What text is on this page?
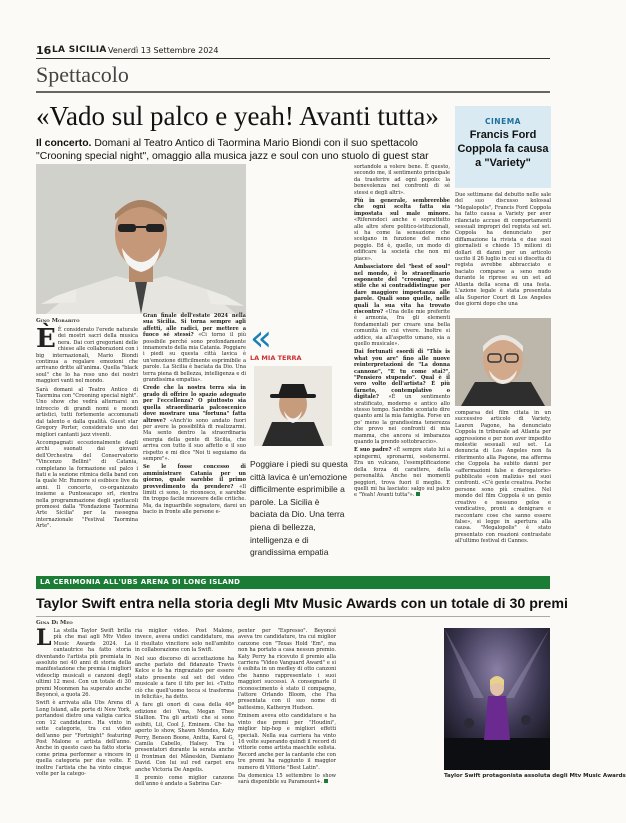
16 LA SICILIA Venerdì 13 Settembre 2024
Spettacolo
«Vado sul palco e yeah! Avanti tutta»
Il concerto. Domani al Teatro Antico di Taormina Mario Biondi con il suo spettacolo "Crooning special night", omaggio alla musica jazz e soul con uno stuolo di guest star
Gino Morabito

È È considerato l'erede naturale dei mostri sacri della musica nera. Dai cori gregoriani delle chiese alle collaborazioni con i big internazionali, Mario Biondi continua a regalare emozioni che arrivano dritte all'anima. Quella "black soul" che lo ha reso uno dei nostri maggiori vanti nel mondo.

Sarà domani al Teatro Antico di Taormina con "Crooning special night". Uno show che vedrà alternarsi un intreccio di grandi nomi e mondi artistici, tutti fortemente accomunati dal talento e dalla qualità. Guest star Gregory Porter, considerato uno dei migliori cantanti jazz viventi.

Accompagnati eccezionalmente dagli archi suonati dai giovani dell'Orchestra del Conservatorio "Vincenzo Bellini" di Catania, completano la formazione sul palco i fiati e la sezione ritmica della band con la quale Mr. Rumore si esibisce live da anni. Il concerto, co-organizzato insieme a Puntoeacapo srl, rientra nella programmazione degli spettacoli promossi dalla "Fondazione Taormina Arte Sicilia" per la rassegna internazionale "Festival Taormina Arte".

Gran finale dell'estate 2024 nella sua Sicilia. Si torna sempre agli affetti, alle radici, per mettere a fuoco sé stessi? «Ci torno il più possibile perché sono profondamente innamorato della mia Catania. Poggiare i piedi su questa città lavica è un'emozione difficilmente esprimibile a parole. La Sicilia è baciata da Dio. Una terra piena di bellezza, intelligenza e di grandissima empatia».

Crede che la nostra terra sia in grado di offrire lo spazio adeguato per l'eccellenza? O piuttosto sia quella straordinaria palcoscenico dove mostrare una "fortuna" fatta altrove? «Anch'io sono andato fuori per avere la possibilità di realizzarmi. Ma sento dentro la straordinaria energia della gente di Sicilia, che arriva con tutto il suo affetto e il suo rispetto e mi dice "Noi ti seguiamo da sempre"».

Se le fosse concesso di amministrare Catania per un giorno, quale sarebbe il primo provvedimento da prendere? «Il limiti ci sono, lo riconosco, e sarebbe fin troppo facile muovere delle critiche. Ma, da inguaribile sognatore, darei un bacio in fronte alle persone e-

«
LA MIA TERRA
Poggiare i piedi su questa città lavica è un'emozione difficilmente esprimibile a parole. La Sicilia è baciata da Dio. Una terra piena di bellezza, intelligenza e di grandissima empatia

sortandole a volere bene. È questo, secondo me, il sentimento principale da trasferire ad ogni popolo: la benevolenza nei confronti di sé stessi e degli altri».

Più in generale, sembrerebbe che ogni scelta fatta sia impostata sul male minore. «Riferendoci anche e soprattutto alle altre sfere politico-istituzionali, si ha come la sensazione che scelgano in funzione del meno peggio. Ed è, quello, un modo di edificare la società che non mi piace».

Ambasciatore del "best of soul" nel mondo, è lo straordinario esponente del "crooning", uno stile che si contraddistingue per dare maggiore importanza alle parole. Quali sono quelle, nelle quali la sua vita ha trovato riscontro? «Una delle mie preferite è armonia, fra gli elementi fondamentali per creare una bella comunità in cui vivere. Inoltre si addice, sia all'aspetto umano, sia a quello musicale».

Dai fortunati esordi di "This is what you are" fino alle nuove reinterpretazioni de "La donna cannone", "E tu come stai?", "Pensiero stupendo". Qual è il vero volto dell'artista? È più farneto, contemplativo o digitale? «È un sentimento stratificato, moderno e antico allo stesso tempo. Sarebbe scontato dire quanto ami la mia famiglia. Forse un po' meno la grandissima tenerezza che provo nei confronti di mia mamma, che ancora si imbarazza quando la prendo sottobraccio».

E suo padre? «È sempre stato lui a spingermi, spronarmi, sostenermi. Era un vulcano, l'esemplificazione della forza di carattere, della personalità. Anche nei momenti peggiori, trova fuori il meglio. E quelli mi ha lasciato: salgo sul palco e "Yeah! Avanti tutta"».

CINEMA
Francis Ford Coppola fa causa a "Variety"
Due settimane dal debutto nelle sale del suo discusso kolossal "Megalopolis", Francis Ford Coppola ha fatto causa a Variety per aver rilanciato accuse di comportamenti sessuali impropri del regista sul set. Coppola ha denunciato per diffamazione la rivista e due suoi giornalisti e chiede 15 milioni di dollari di danni per un articolo uscito il 26 luglio in cui si discetta di regista avrebbe abbracciato e baciato comparse a seno nudo durante le riprese su un set ad Atlanta della scena di una festa. L'azione legale è stata presentata alla Superior Court di Los Angeles due giorni dopo che una
comparsa del film citata in un successivo articolo di Variety, Lauren Pagone, ha denunciato Coppola in tribunale ad Atlanta per aggressione e per non aver impedito molestie sessuali sul set. La denuncia di Los Angeles non fa riferimento alla Pagone, ma afferma che Coppola ha subito danni per «affermazioni false e derogatorie» pubblicate «con malizia» nei suoi confronti. «C'è gente creativa. Poche persone sono più creative. Nel mondo del film Coppola è un genio creativo e nessuno gelos e vendicativo, pronti a denigrare e raccontare cose che sanno essere false», si legge in apertura alla causa. "Megalopolis" è stato presentato con reazioni contrastate all'ultimo festival di Cannes.
LA CERIMONIA ALL'UBS ARENA DI LONG ISLAND
Taylor Swift entra nella storia degli Mtv Music Awards con un totale di 30 premi
Gina Di Meo

L La stella Taylor Swift brilla più che mai agli Mtv Video Music Awards 2024. La cantautrice ha fatto storia diventando l'artista più premiata in assoluto nei 40 anni di storia della manifestazione che premia i migliori videoclip musicali e canzoni degli ultimi 12 mesi. Con un totale di 30 premi Moonmen ha superato anche Beyoncé, a quota 26.

Swift è arrivata alla Ubs Arena di Long Island, alle porte di New York, portandosi dietro una valigia carica con 12 candidature. Ha vinto in sette categorie, tra cui video dell'anno per "Fortnight" featuring Post Malone e artista dell'anno. Anche in questo caso ha fatto storia come prima performer a vincere in quella categoria per due volte. E inoltre l'artista che ha vinto cinque volte per la catego-

ria miglior video. Post Malone, invece, aveva undici candidature, ma il risultato vincitore solo nell'ambito in collaborazione con la Swift.

Nel suo discorso di accettazione ha anche parlato del fidanzato Travis Kelce e lo ha ringraziato per essere stato presente sul set del video musicale a fare il tifo per lei. «Tutto ciò che quell'uomo tocca si trasforma in felicità», ha detto.

A fare gli onori di casa della 40ª edizione dei Vma, Megan Thee Stallion. Tra gli artisti che si sono esibiti, Lil, Cool J, Eminem. Che ha aperto lo show, Shawn Mendes, Katy Perry, Benson Boone, Anitta, Karol G, Camila Cabello, Halsey. Tra i presentatori durante la serata anche il frontman dei Måneskin, Damiano David. Con lui sul red carpet era anche Victoria De Angelis.

Il premio come miglior canzone dell'anno è andato a Sabrina Car-

penter per "Espresso". Beyoncé aveva tre candidature, tra cui miglior canzone con "Texas Hold 'Em", ma non ha portato a casa nessun premio. Katy Perry ha ricevuto il premio alla carriera "Video Vanguard Award" e si è esibita in un medley di otto canzoni che hanno rappresentato i suoi maggiori successi. A consegnarle il riconoscimento è stato il compagno, l'attore Orlando Bloom, che l'ha presentata con il suo nome di battesimo, Katheryn Hudson.

Eminem aveva otto candidature e ha vinto due premi per "Houdini", miglior hip-hop e migliori effetti speciali. Nella sua carriera ha vinto 16 volte superando quindi il record di vittorie come artista maschile solista. Record anche per la cantante che con tre premi ha raggiunto il maggior numero di Vittorie "Best Latin".

Da domenica 15 settembre lo show sarà disponibile su Paramount+.

Taylor Swift protagonista assoluta degli Mtv Music Awards
